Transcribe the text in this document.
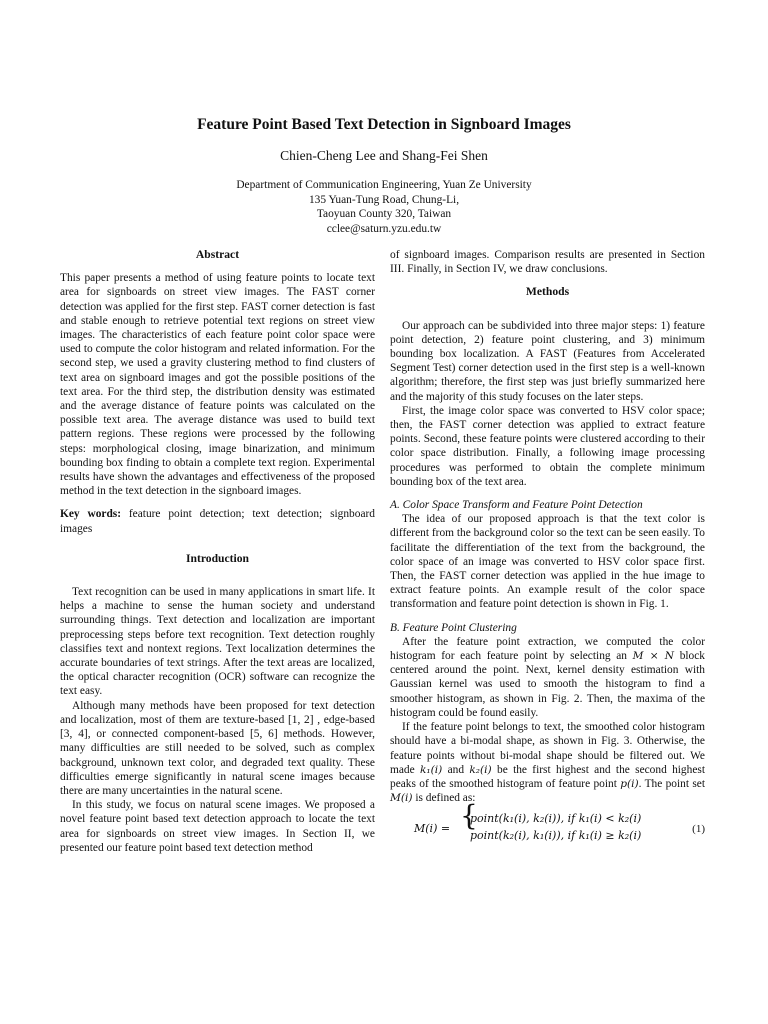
Feature Point Based Text Detection in Signboard Images
Chien-Cheng Lee and Shang-Fei Shen
Department of Communication Engineering, Yuan Ze University
135 Yuan-Tung Road, Chung-Li,
Taoyuan County 320, Taiwan
cclee@saturn.yzu.edu.tw

Abstract

This paper presents a method of using feature points to locate text area for signboards on street view images. The FAST corner detection was applied for the first step. FAST corner detection is fast and stable enough to retrieve potential text regions on street view images. The characteristics of each feature point color space were used to compute the color histogram and related information. For the second step, we used a gravity clustering method to find clusters of text area on signboard images and got the possible positions of the text area. For the third step, the distribution density was estimated and the average distance of feature points was calculated on the possible text area. The average distance was used to build text pattern regions. These regions were processed by the following steps: morphological closing, image binarization, and minimum bounding box finding to obtain a complete text region. Experimental results have shown the advantages and effectiveness of the proposed method in the text detection in the signboard images.

Key words: feature point detection; text detection; signboard images

Introduction

Text recognition can be used in many applications in smart life. It helps a machine to sense the human society and understand surrounding things. Text detection and localization are important preprocessing steps before text recognition. Text detection roughly classifies text and nontext regions. Text localization determines the accurate boundaries of text strings. After the text areas are localized, the optical character recognition (OCR) software can recognize the text easy.

Although many methods have been proposed for text detection and localization, most of them are texture-based [1, 2] , edge-based [3, 4], or connected component-based [5, 6] methods. However, many difficulties are still needed to be solved, such as complex background, unknown text color, and degraded text quality. These difficulties emerge significantly in natural scene images because there are many uncertainties in the natural scene.

In this study, we focus on natural scene images. We proposed a novel feature point based text detection approach to locate the text area for signboards on street view images. In Section II, we presented our feature point based text detection method

of signboard images. Comparison results are presented in Section III. Finally, in Section IV, we draw conclusions.

Methods

Our approach can be subdivided into three major steps: 1) feature point detection, 2) feature point clustering, and 3) minimum bounding box localization. A FAST (Features from Accelerated Segment Test) corner detection used in the first step is a well-known algorithm; therefore, the first step was just briefly summarized here and the majority of this study focuses on the later steps.

First, the image color space was converted to HSV color space; then, the FAST corner detection was applied to extract feature points. Second, these feature points were clustered according to their color space distribution. Finally, a following image processing procedures was performed to obtain the complete minimum bounding box of the text area.

A. Color Space Transform and Feature Point Detection

The idea of our proposed approach is that the text color is different from the background color so the text can be seen easily. To facilitate the differentiation of the text from the background, the color space of an image was converted to HSV color space first. Then, the FAST corner detection was applied in the hue image to extract feature points. An example result of the color space transformation and feature point detection is shown in Fig. 1.

B. Feature Point Clustering

After the feature point extraction, we computed the color histogram for each feature point by selecting an M × N block centered around the point. Next, kernel density estimation with Gaussian kernel was used to smooth the histogram to find a smoother histogram, as shown in Fig. 2. Then, the maxima of the histogram could be found easily.

If the feature point belongs to text, the smoothed color histogram should have a bi-modal shape, as shown in Fig. 3. Otherwise, the feature points without bi-modal shape should be filtered out. We made k₁(i) and k₂(i) be the first highest and the second highest peaks of the smoothed histogram of feature point p(i). The point set M(i) is defined as:

M(i) = {
point(k₁(i), k₂(i)), if k₁(i) < k₂(i)
point(k₂(i), k₁(i)), if k₁(i) ≥ k₂(i)	(1)
